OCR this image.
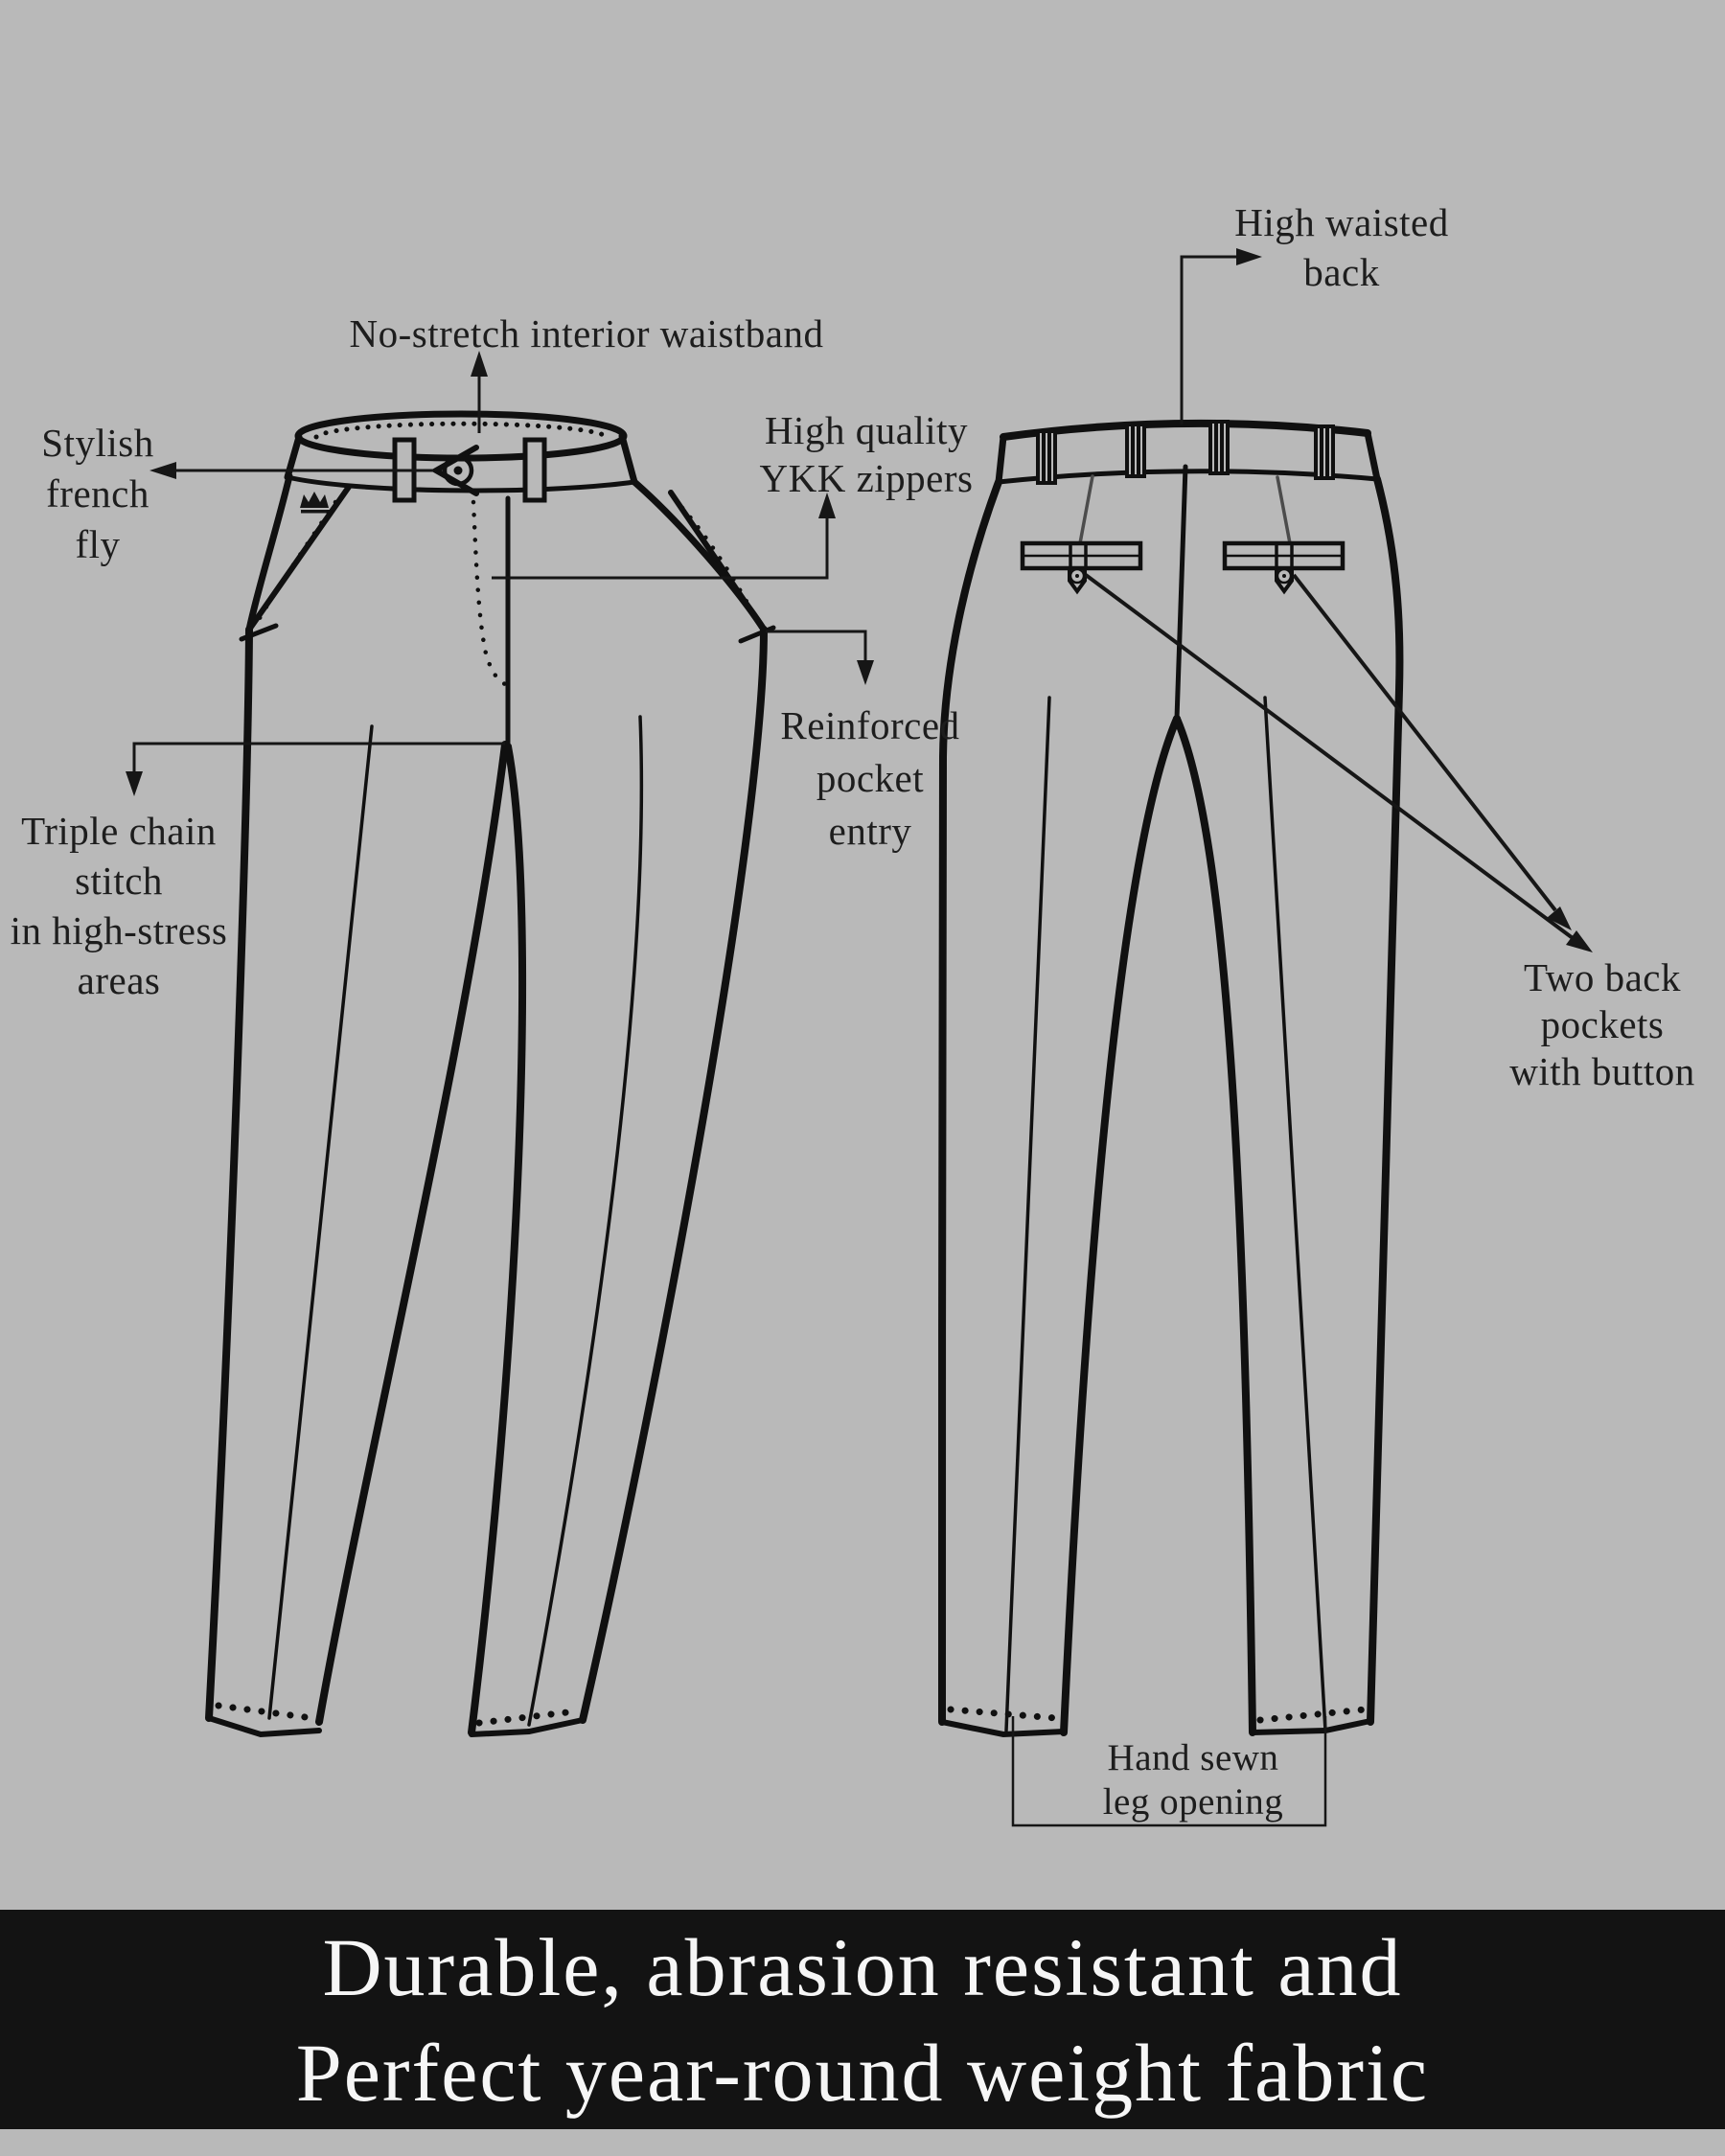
No-stretch interior waistband
Stylish
french
fly
High quality
YKK zippers
Reinforced
pocket
entry
Triple chain
stitch
in high-stress
areas
High waisted
back
Two back
pockets
with button
Hand sewn
leg opening
Durable, abrasion resistant and
Perfect year-round weight fabric
